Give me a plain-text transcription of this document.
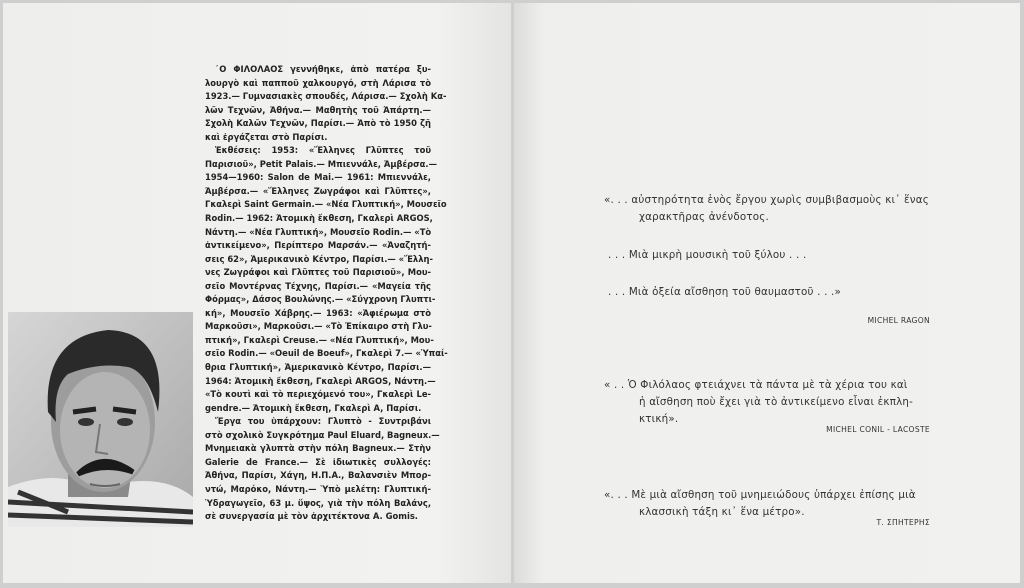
᾿Ο ΦΙΛΟΛΑΟΣ γεννήθηκε, ἀπὸ πατέρα ξυ-
λουργὸ καὶ παπποῦ χαλκουργό, στὴ Λάρισα τὸ
1923.— Γυμνασιακὲς σπουδές, Λάρισα.— Σχολὴ Κα-
λῶν Τεχνῶν, Ἀθήνα.— Μαθητὴς τοῦ Ἀπάρτη.—
Σχολὴ Καλῶν Τεχνῶν, Παρίσι.— Ἀπὸ τὸ 1950 ζῆ
καὶ ἐργάζεται στὸ Παρίσι.
Ἐκθέσεις: 1953: «Ἕλληνες Γλῦπτες τοῦ
Παρισιοῦ», Petit Palais.— Μπιεννάλε, Ἀμβέρσα.—
1954—1960: Salon de Mai.— 1961: Μπιεννάλε,
Ἀμβέρσα.— «Ἕλληνες Ζωγράφοι καὶ Γλῦπτες»,
Γκαλερὶ Saint Germain.— «Νέα Γλυπτική», Μουσεῖο
Rodin.— 1962: Ἀτομικὴ ἔκθεση, Γκαλερὶ ARGOS,
Νάντη.— «Νέα Γλυπτική», Μουσεῖο Rodin.— «Τὸ
ἀντικείμενο», Περίπτερο Μαρσάν.— «Ἀναζητή-
σεις 62», Ἀμερικανικὸ Κέντρο, Παρίσι.— «Ἕλλη-
νες Ζωγράφοι καὶ Γλῦπτες τοῦ Παρισιοῦ», Μου-
σεῖο Μοντέρνας Τέχνης, Παρίσι.— «Μαγεία τῆς
Φόρμας», Δάσος Βουλώνης.— «Σύγχρονη Γλυπτι-
κή», Μουσεῖο Χάβρης.— 1963: «Ἀφιέρωμα στὸ
Μαρκοῦσι», Μαρκοῦσι.— «Τὸ Ἐπίκαιρο στὴ Γλυ-
πτική», Γκαλερὶ Creuse.— «Νέα Γλυπτική», Μου-
σεῖο Rodin.— «Oeuil de Boeuf», Γκαλερὶ 7.— «Ὑπαί-
θρια Γλυπτική», Ἀμερικανικὸ Κέντρο, Παρίσι.—
1964: Ἀτομικὴ ἔκθεση, Γκαλερὶ ARGOS, Νάντη.—
«Τὸ κουτὶ καὶ τὸ περιεχόμενό του», Γκαλερὶ Le-
gendre.— Ἀτομικὴ ἔκθεση, Γκαλερὶ A, Παρίσι.
Ἔργα του ὑπάρχουν: Γλυπτὸ - Συντριβάνι
στὸ σχολικὸ Συγκρότημα Paul Eluard, Bagneux.—
Μνημειακὰ γλυπτὰ στὴν πόλη Bagneux.— Στὴν
Galerie de France.— Σὲ ἰδιωτικὲς συλλογές:
Ἀθήνα, Παρίσι, Χάγη, Η.Π.Α., Βαλανσιὲν Μπορ-
ντώ, Μαρόκο, Νάντη.— Ὑπὸ μελέτη: Γλυπτική-
Ὑδραγωγεῖο, 63 μ. ὕψος, γιὰ τὴν πόλη Βαλάνς,
σὲ συνεργασία μὲ τὸν ἀρχιτέκτονα A. Gomis.
«. . . αὐστηρότητα ἑνὸς ἔργου χωρὶς συμβιβασμοὺς κι᾿ ἕνας
χαρακτῆρας ἀνένδοτος.
. . . Μιὰ μικρὴ μουσικὴ τοῦ ξύλου . . .
. . . Μιὰ ὀξεία αἴσθηση τοῦ θαυμαστοῦ . . .»
MICHEL RAGON
« . . Ὁ Φιλόλαος φτειάχνει τὰ πάντα μὲ τὰ χέρια του καὶ
ἡ αἴσθηση ποὺ ἔχει γιὰ τὸ ἀντικείμενο εἶναι ἐκπλη-
κτική».
MICHEL CONIL - LACOSTE
«. . . Μὲ μιὰ αἴσθηση τοῦ μνημειώδους ὑπάρχει ἐπίσης μιὰ
κλασσικὴ τάξη κι᾿ ἕνα μέτρο».
Τ. ΣΠΗΤΕΡΗΣ
